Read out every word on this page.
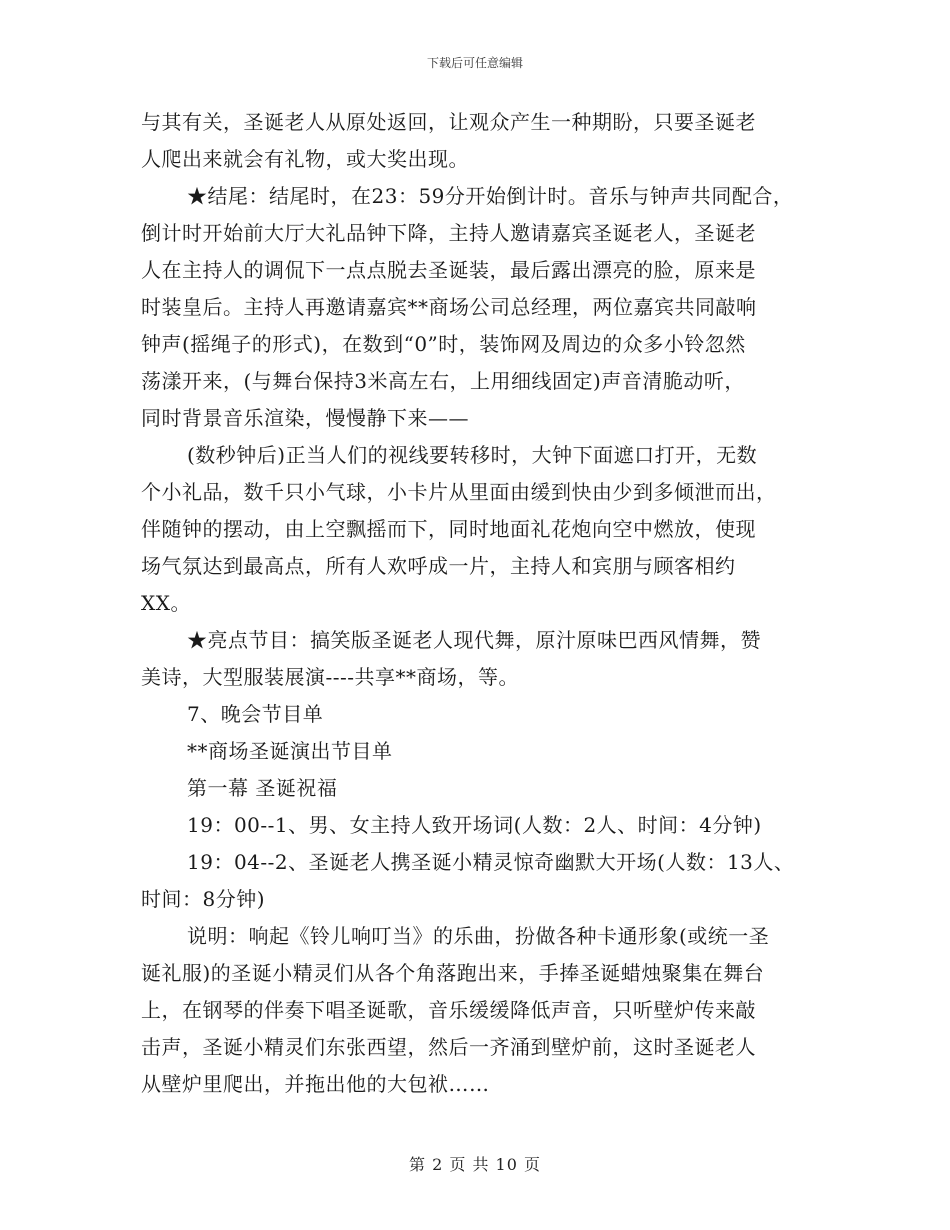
下载后可任意编辑
与其有关，圣诞老人从原处返回，让观众产生一种期盼，只要圣诞老
人爬出来就会有礼物，或大奖出现。
★结尾：结尾时，在23：59分开始倒计时。音乐与钟声共同配合，
倒计时开始前大厅大礼品钟下降，主持人邀请嘉宾圣诞老人，圣诞老
人在主持人的调侃下一点点脱去圣诞装，最后露出漂亮的脸，原来是
时装皇后。主持人再邀请嘉宾**商场公司总经理，两位嘉宾共同敲响
钟声(摇绳子的形式)，在数到“0”时，装饰网及周边的众多小铃忽然
荡漾开来，(与舞台保持3米高左右，上用细线固定)声音清脆动听，
同时背景音乐渲染，慢慢静下来——
(数秒钟后)正当人们的视线要转移时，大钟下面遮口打开，无数
个小礼品，数千只小气球，小卡片从里面由缓到快由少到多倾泄而出，
伴随钟的摆动，由上空飘摇而下，同时地面礼花炮向空中燃放，使现
场气氛达到最高点，所有人欢呼成一片，主持人和宾朋与顾客相约
XX。
★亮点节目：搞笑版圣诞老人现代舞，原汁原味巴西风情舞，赞
美诗，大型服装展演----共享**商场，等。
7、晚会节目单
**商场圣诞演出节目单
第一幕 圣诞祝福
19：00--1、男、女主持人致开场词(人数：2人、时间：4分钟)
19：04--2、圣诞老人携圣诞小精灵惊奇幽默大开场(人数：13人、
时间：8分钟)
说明：响起《铃儿响叮当》的乐曲，扮做各种卡通形象(或统一圣
诞礼服)的圣诞小精灵们从各个角落跑出来，手捧圣诞蜡烛聚集在舞台
上，在钢琴的伴奏下唱圣诞歌，音乐缓缓降低声音，只听壁炉传来敲
击声，圣诞小精灵们东张西望，然后一齐涌到壁炉前，这时圣诞老人
从壁炉里爬出，并拖出他的大包袱……
第 2 页 共 10 页
